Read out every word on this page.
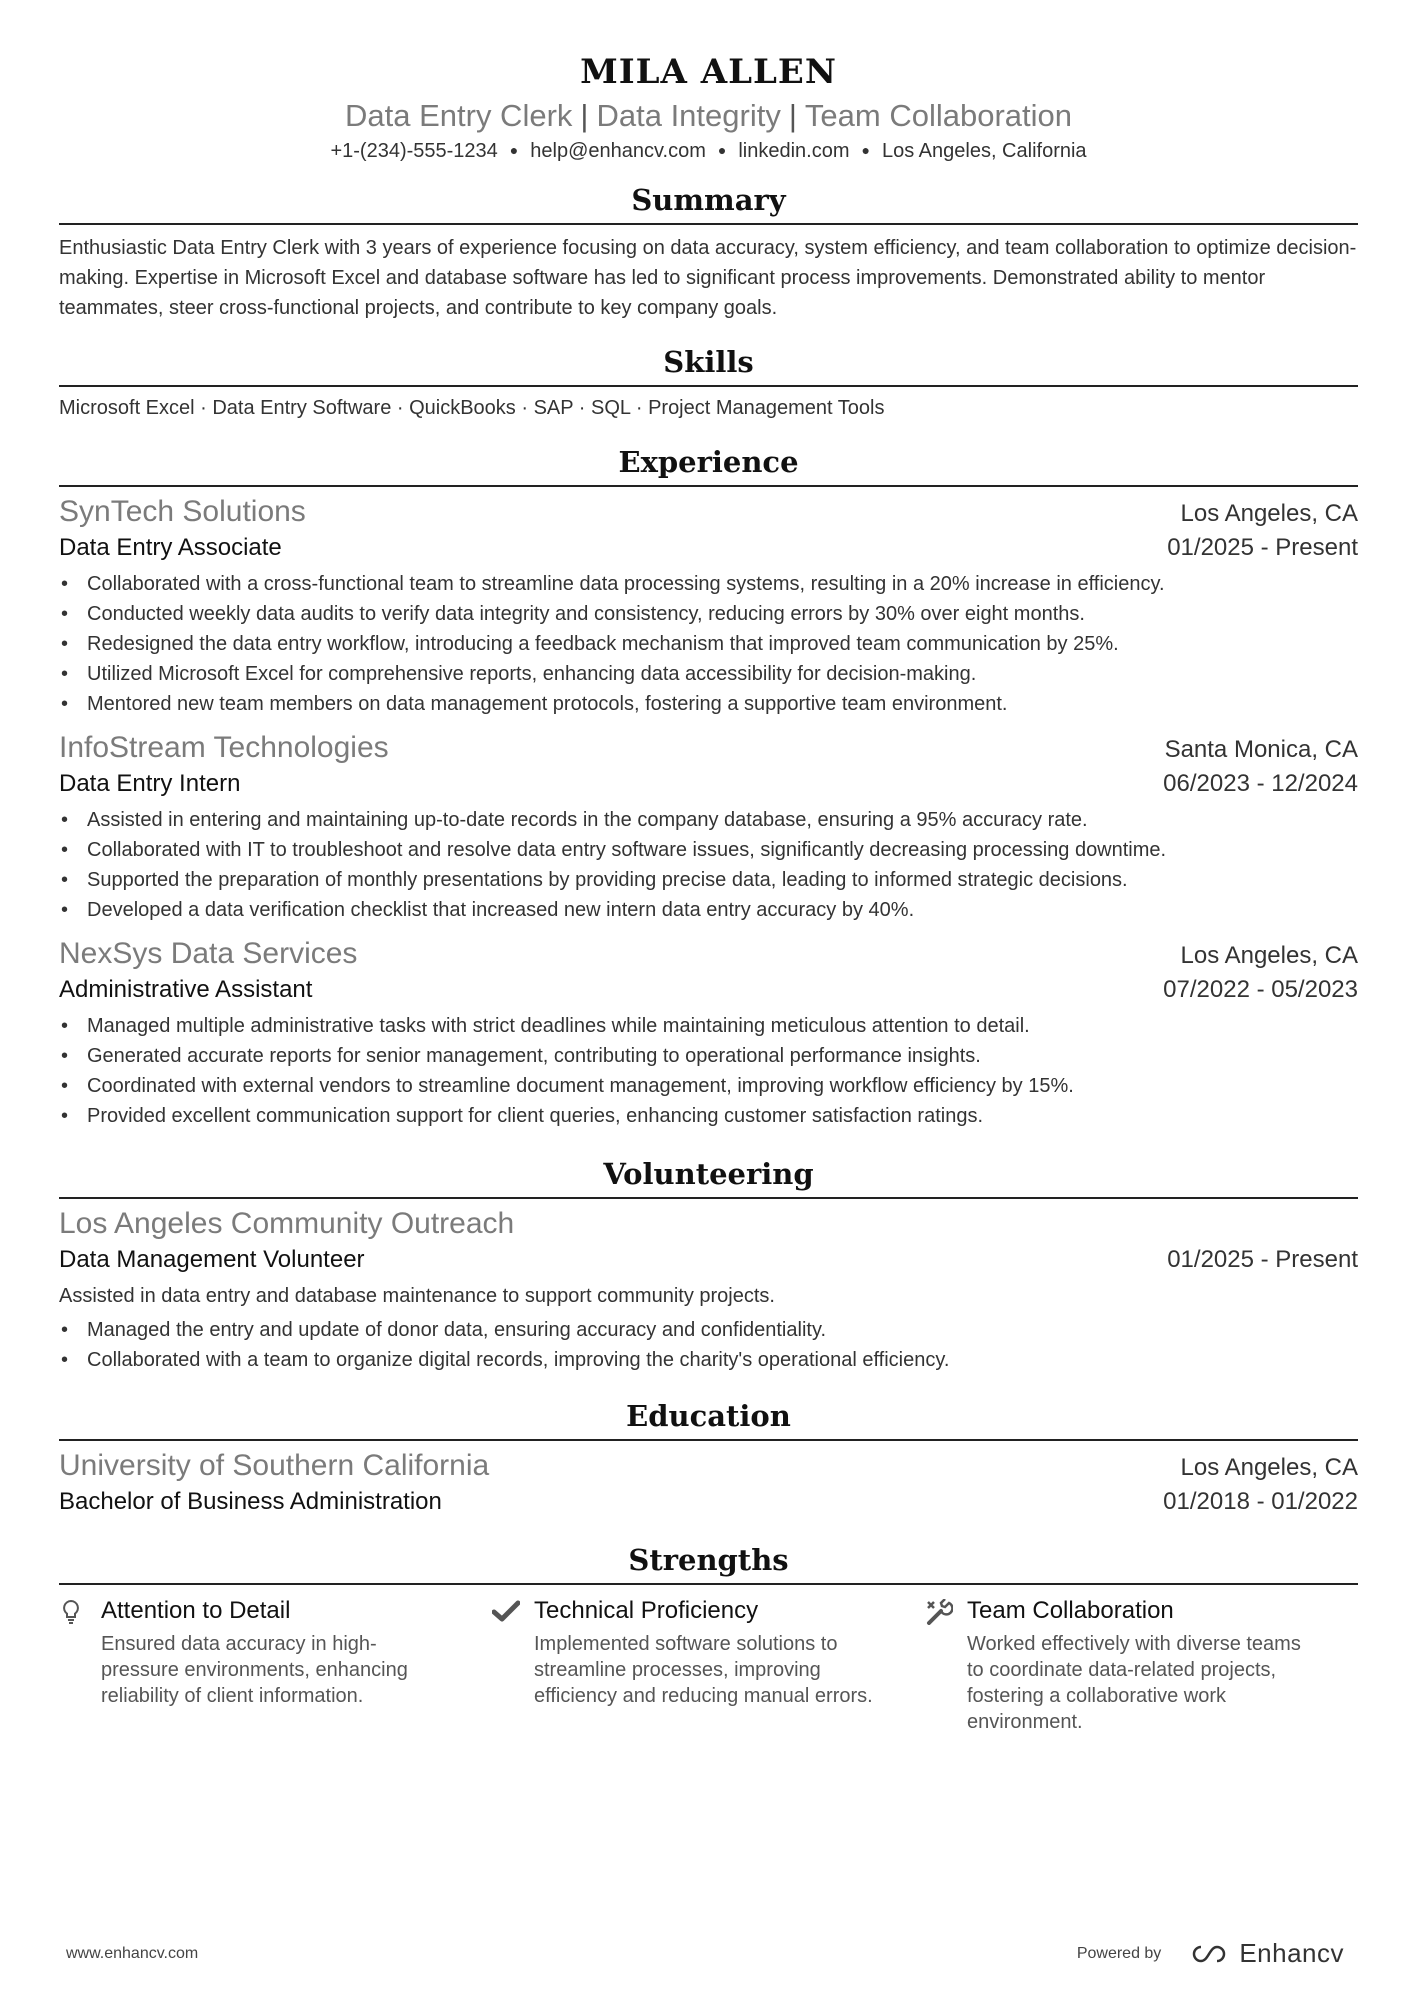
MILA ALLEN
Data Entry Clerk | Data Integrity | Team Collaboration
+1-(234)-555-1234 ● help@enhancv.com ● linkedin.com ● Los Angeles, California
Summary

Enthusiastic Data Entry Clerk with 3 years of experience focusing on data accuracy, system efficiency, and team collaboration to optimize decision-making. Expertise in Microsoft Excel and database software has led to significant process improvements. Demonstrated ability to mentor teammates, steer cross-functional projects, and contribute to key company goals.

Skills

Microsoft Excel · Data Entry Software · QuickBooks · SAP · SQL · Project Management Tools

Experience
SynTech Solutions	Los Angeles, CA
Data Entry Associate	01/2025 - Present
• Collaborated with a cross-functional team to streamline data processing systems, resulting in a 20% increase in efficiency.
• Conducted weekly data audits to verify data integrity and consistency, reducing errors by 30% over eight months.
• Redesigned the data entry workflow, introducing a feedback mechanism that improved team communication by 25%.
• Utilized Microsoft Excel for comprehensive reports, enhancing data accessibility for decision-making.
• Mentored new team members on data management protocols, fostering a supportive team environment.
InfoStream Technologies	Santa Monica, CA
Data Entry Intern	06/2023 - 12/2024
• Assisted in entering and maintaining up-to-date records in the company database, ensuring a 95% accuracy rate.
• Collaborated with IT to troubleshoot and resolve data entry software issues, significantly decreasing processing downtime.
• Supported the preparation of monthly presentations by providing precise data, leading to informed strategic decisions.
• Developed a data verification checklist that increased new intern data entry accuracy by 40%.
NexSys Data Services	Los Angeles, CA
Administrative Assistant	07/2022 - 05/2023
• Managed multiple administrative tasks with strict deadlines while maintaining meticulous attention to detail.
• Generated accurate reports for senior management, contributing to operational performance insights.
• Coordinated with external vendors to streamline document management, improving workflow efficiency by 15%.
• Provided excellent communication support for client queries, enhancing customer satisfaction ratings.
Volunteering
Los Angeles Community Outreach
Data Management Volunteer	01/2025 - Present

Assisted in data entry and database maintenance to support community projects.

• Managed the entry and update of donor data, ensuring accuracy and confidentiality.
• Collaborated with a team to organize digital records, improving the charity's operational efficiency.
Education
University of Southern California	Los Angeles, CA
Bachelor of Business Administration	01/2018 - 01/2022
Strengths
Attention to Detail
Ensured data accuracy in high-pressure environments, enhancing reliability of client information.
Technical Proficiency
Implemented software solutions to streamline processes, improving efficiency and reducing manual errors.
Team Collaboration
Worked effectively with diverse teams to coordinate data-related projects, fostering a collaborative work environment.
www.enhancv.com	Powered by	Enhancv
